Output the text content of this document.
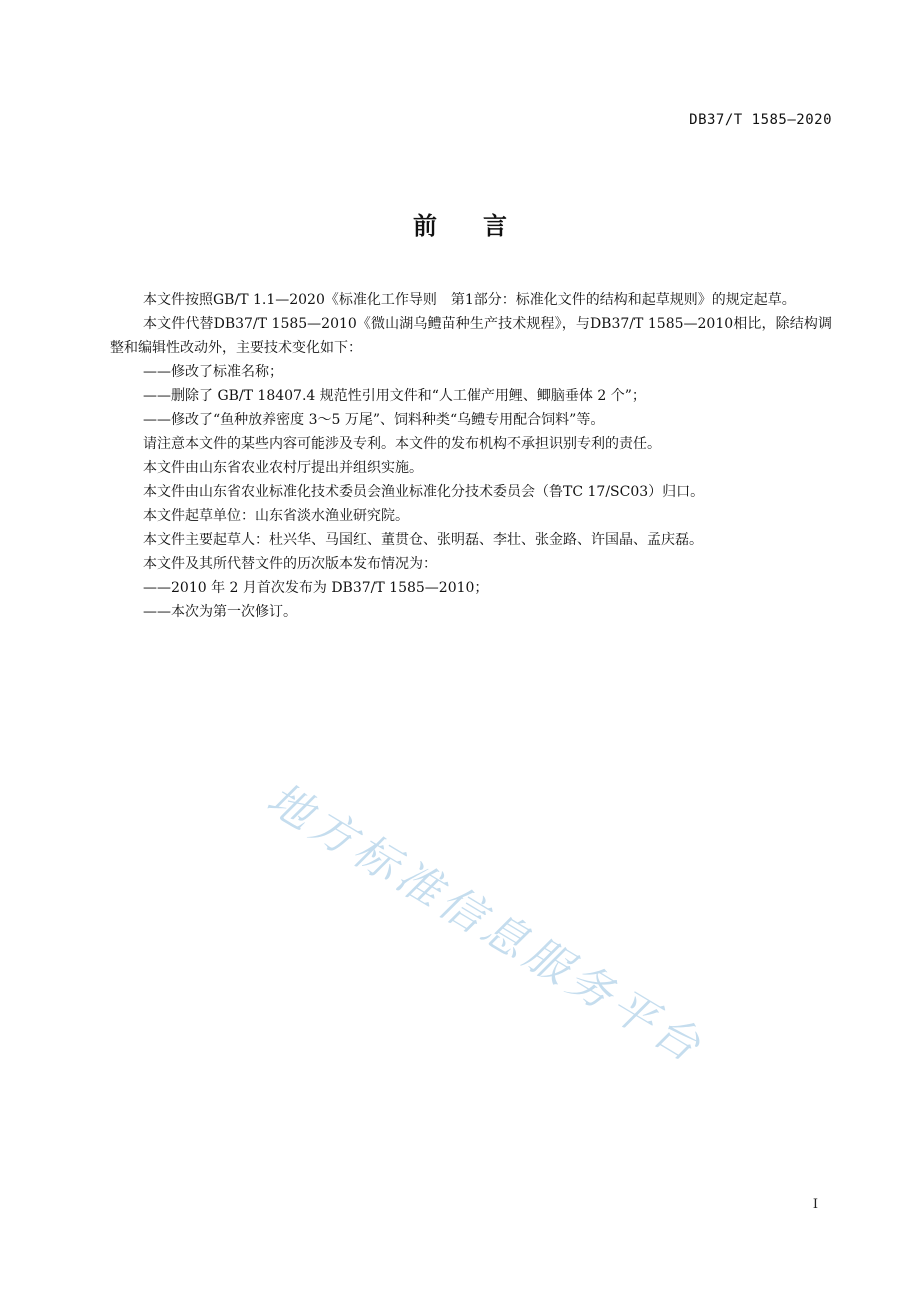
DB37/T 1585—2020
前言

本文件按照GB/T 1.1—2020《标准化工作导则　第1部分：标准化文件的结构和起草规则》的规定起草。

本文件代替DB37/T 1585—2010《微山湖乌鳢苗种生产技术规程》，与DB37/T 1585—2010相比，除结构调整和编辑性改动外，主要技术变化如下：

——修改了标准名称；

——删除了 GB/T 18407.4 规范性引用文件和“人工催产用鲤、鲫脑垂体 2 个”；

——修改了“鱼种放养密度 3～5 万尾”、饲料种类“乌鳢专用配合饲料”等。

请注意本文件的某些内容可能涉及专利。本文件的发布机构不承担识别专利的责任。

本文件由山东省农业农村厅提出并组织实施。

本文件由山东省农业标准化技术委员会渔业标准化分技术委员会（鲁TC 17/SC03）归口。

本文件起草单位：山东省淡水渔业研究院。

本文件主要起草人：杜兴华、马国红、董贯仓、张明磊、李壮、张金路、许国晶、孟庆磊。

本文件及其所代替文件的历次版本发布情况为：

——2010 年 2 月首次发布为 DB37/T 1585—2010；

——本次为第一次修订。

地方标准信息服务平台
I
